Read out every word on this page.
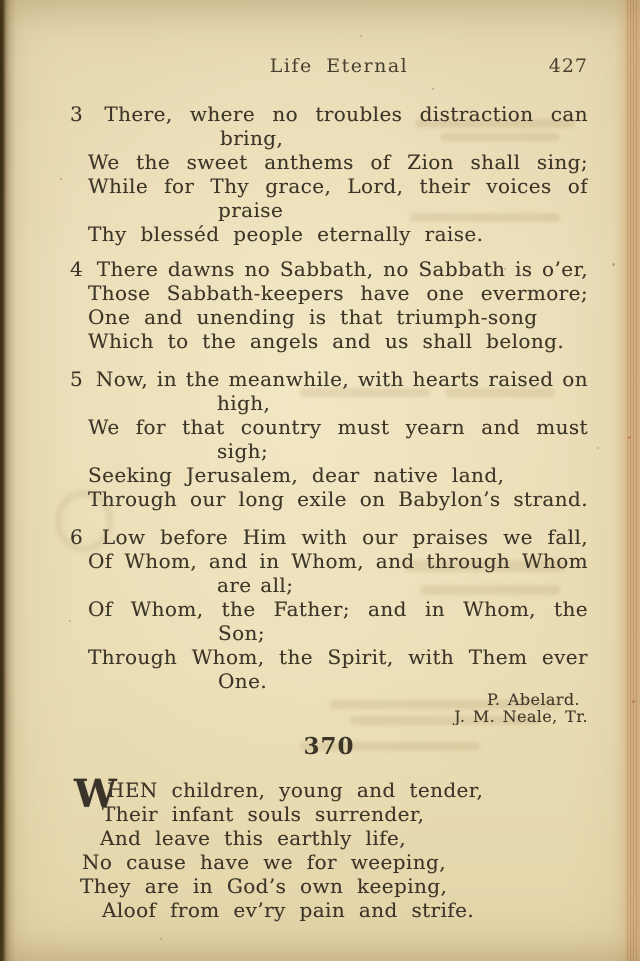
Life Eternal	427
3 There, where no troubles distraction can
bring,
We the sweet anthems of Zion shall sing;
While for Thy grace, Lord, their voices of
praise
Thy blesséd people eternally raise.
4 There dawns no Sabbath, no Sabbath is o’er,
Those Sabbath-keepers have one evermore;
One and unending is that triumph-song
Which to the angels and us shall belong.
5 Now, in the meanwhile, with hearts raised on
high,
We for that country must yearn and must
sigh;
Seeking Jerusalem, dear native land,
Through our long exile on Babylon’s strand.
6 Low before Him with our praises we fall,
Of Whom, and in Whom, and through Whom
are all;
Of Whom, the Father; and in Whom, the
Son;
Through Whom, the Spirit, with Them ever
One.
P. Abelard.
J. M. Neale, Tr.
370
W
HEN children, young and tender,
Their infant souls surrender,
And leave this earthly life,
No cause have we for weeping,
They are in God’s own keeping,
Aloof from ev’ry pain and strife.
